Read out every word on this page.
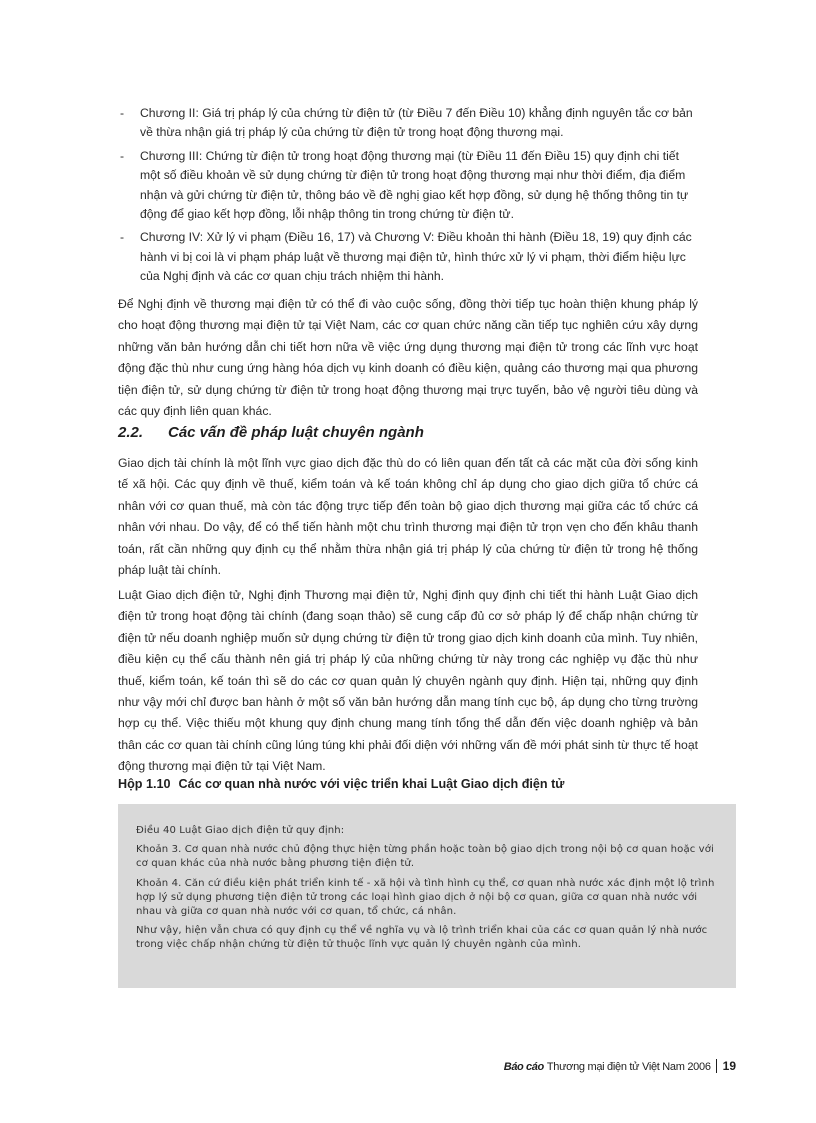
- Chương II: Giá trị pháp lý của chứng từ điện tử (từ Điều 7 đến Điều 10) khẳng định nguyên tắc cơ bản về thừa nhận giá trị pháp lý của chứng từ điện tử trong hoạt động thương mại.
- Chương III: Chứng từ điện tử trong hoạt động thương mại (từ Điều 11 đến Điều 15) quy định chi tiết một số điều khoản về sử dụng chứng từ điện tử trong hoạt động thương mại như thời điểm, địa điểm nhận và gửi chứng từ điện tử, thông báo về đề nghị giao kết hợp đồng, sử dụng hệ thống thông tin tự động để giao kết hợp đồng, lỗi nhập thông tin trong chứng từ điện tử.
- Chương IV: Xử lý vi phạm (Điều 16, 17) và Chương V: Điều khoản thi hành (Điều 18, 19) quy định các hành vi bị coi là vi phạm pháp luật về thương mại điện tử, hình thức xử lý vi phạm, thời điểm hiệu lực của Nghị định và các cơ quan chịu trách nhiệm thi hành.

Để Nghị định về thương mại điện tử có thể đi vào cuộc sống, đồng thời tiếp tục hoàn thiện khung pháp lý cho hoạt động thương mại điện tử tại Việt Nam, các cơ quan chức năng cần tiếp tục nghiên cứu xây dựng những văn bản hướng dẫn chi tiết hơn nữa về việc ứng dụng thương mại điện tử trong các lĩnh vực hoạt động đặc thù như cung ứng hàng hóa dịch vụ kinh doanh có điều kiện, quảng cáo thương mại qua phương tiện điện tử, sử dụng chứng từ điện tử trong hoạt động thương mại trực tuyến, bảo vệ người tiêu dùng và các quy định liên quan khác.

2.2. Các vấn đề pháp luật chuyên ngành

Giao dịch tài chính là một lĩnh vực giao dịch đặc thù do có liên quan đến tất cả các mặt của đời sống kinh tế xã hội. Các quy định về thuế, kiểm toán và kế toán không chỉ áp dụng cho giao dịch giữa tổ chức cá nhân với cơ quan thuế, mà còn tác động trực tiếp đến toàn bộ giao dịch thương mại giữa các tổ chức cá nhân với nhau. Do vậy, để có thể tiến hành một chu trình thương mại điện tử trọn vẹn cho đến khâu thanh toán, rất cần những quy định cụ thể nhằm thừa nhận giá trị pháp lý của chứng từ điện tử trong hệ thống pháp luật tài chính.

Luật Giao dịch điện tử, Nghị định Thương mại điện tử, Nghị định quy định chi tiết thi hành Luật Giao dịch điện tử trong hoạt động tài chính (đang soạn thảo) sẽ cung cấp đủ cơ sở pháp lý để chấp nhận chứng từ điện tử nếu doanh nghiệp muốn sử dụng chứng từ điện tử trong giao dịch kinh doanh của mình. Tuy nhiên, điều kiện cụ thể cấu thành nên giá trị pháp lý của những chứng từ này trong các nghiệp vụ đặc thù như thuế, kiểm toán, kế toán thì sẽ do các cơ quan quản lý chuyên ngành quy định. Hiện tại, những quy định như vậy mới chỉ được ban hành ở một số văn bản hướng dẫn mang tính cục bộ, áp dụng cho từng trường hợp cụ thể. Việc thiếu một khung quy định chung mang tính tổng thể dẫn đến việc doanh nghiệp và bản thân các cơ quan tài chính cũng lúng túng khi phải đối diện với những vấn đề mới phát sinh từ thực tế hoạt động thương mại điện tử tại Việt Nam.

Hộp 1.10 Các cơ quan nhà nước với việc triển khai Luật Giao dịch điện tử

Điều 40 Luật Giao dịch điện tử quy định:

Khoản 3. Cơ quan nhà nước chủ động thực hiện từng phần hoặc toàn bộ giao dịch trong nội bộ cơ quan hoặc với cơ quan khác của nhà nước bằng phương tiện điện tử.

Khoản 4. Căn cứ điều kiện phát triển kinh tế - xã hội và tình hình cụ thể, cơ quan nhà nước xác định một lộ trình hợp lý sử dụng phương tiện điện tử trong các loại hình giao dịch ở nội bộ cơ quan, giữa cơ quan nhà nước với nhau và giữa cơ quan nhà nước với cơ quan, tổ chức, cá nhân.

Như vậy, hiện vẫn chưa có quy định cụ thể về nghĩa vụ và lộ trình triển khai của các cơ quan quản lý nhà nước trong việc chấp nhận chứng từ điện tử thuộc lĩnh vực quản lý chuyên ngành của mình.

Báo cáo Thương mại điện tử Việt Nam 2006 19
